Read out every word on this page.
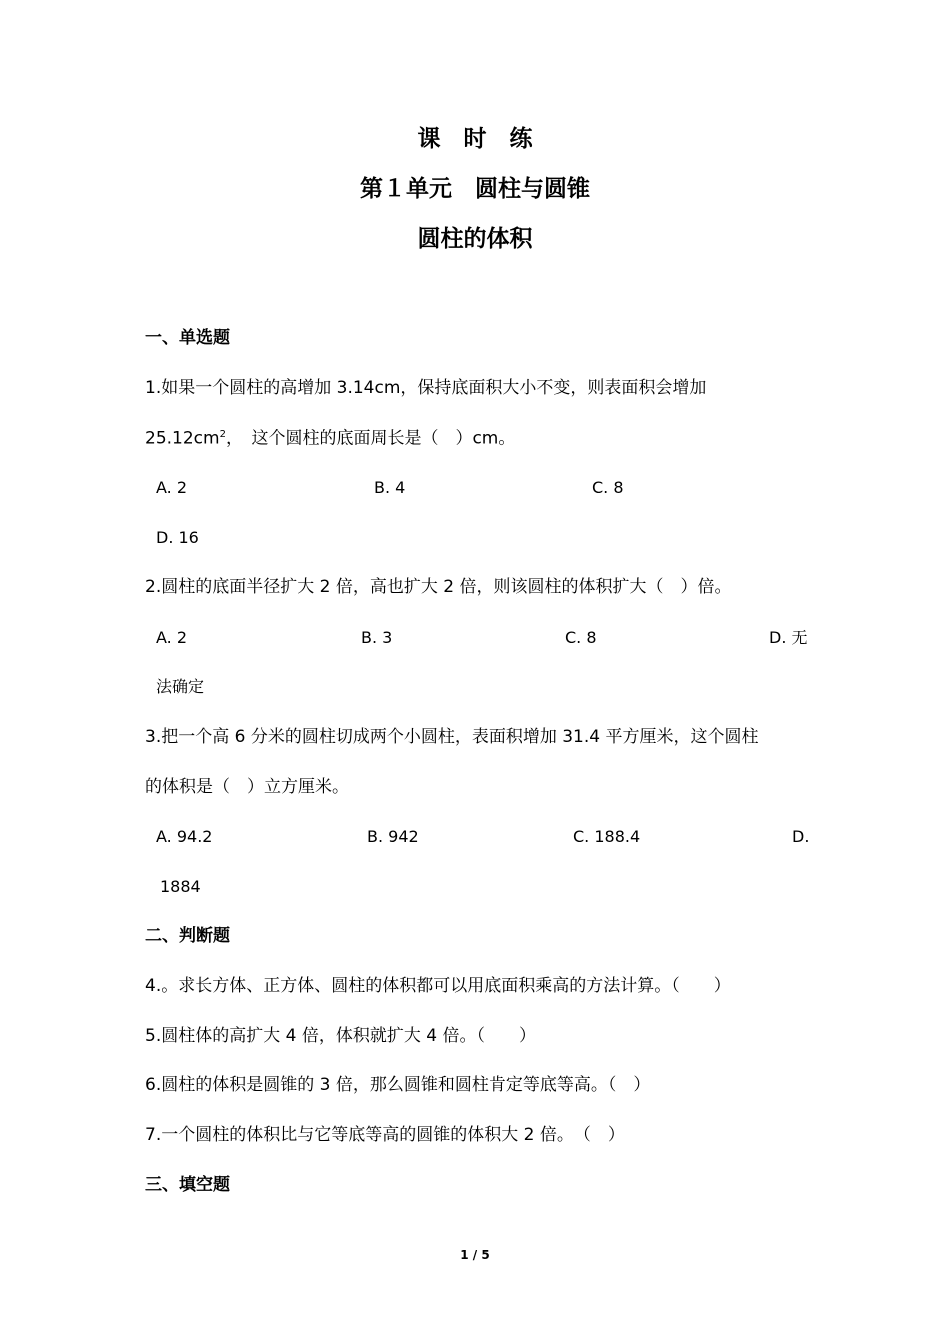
课　时　练
第１单元　圆柱与圆锥
圆柱的体积
一、单选题
1.如果一个圆柱的高增加 3.14cm，保持底面积大小不变，则表面积会增加
$25.12cm^2$，　这个圆柱的底面周长是（　）cm。
A. 2	B. 4	C. 8
D. 16
2.圆柱的底面半径扩大 2 倍，高也扩大 2 倍，则该圆柱的体积扩大（　）倍。
A. 2	B. 3	C. 8	D. 无
法确定
3.把一个高 6 分米的圆柱切成两个小圆柱，表面积增加 31.4 平方厘米，这个圆柱
的体积是（　）立方厘米。
A. 94.2	B. 942	C. 188.4	D.
1884
二、判断题
4.。求长方体、正方体、圆柱的体积都可以用底面积乘高的方法计算。（　　）
5.圆柱体的高扩大 4 倍，体积就扩大 4 倍。（　　）
6.圆柱的体积是圆锥的 3 倍，那么圆锥和圆柱肯定等底等高。（　）
7.一个圆柱的体积比与它等底等高的圆锥的体积大 2 倍。　（　）
三、填空题
1 / 5
